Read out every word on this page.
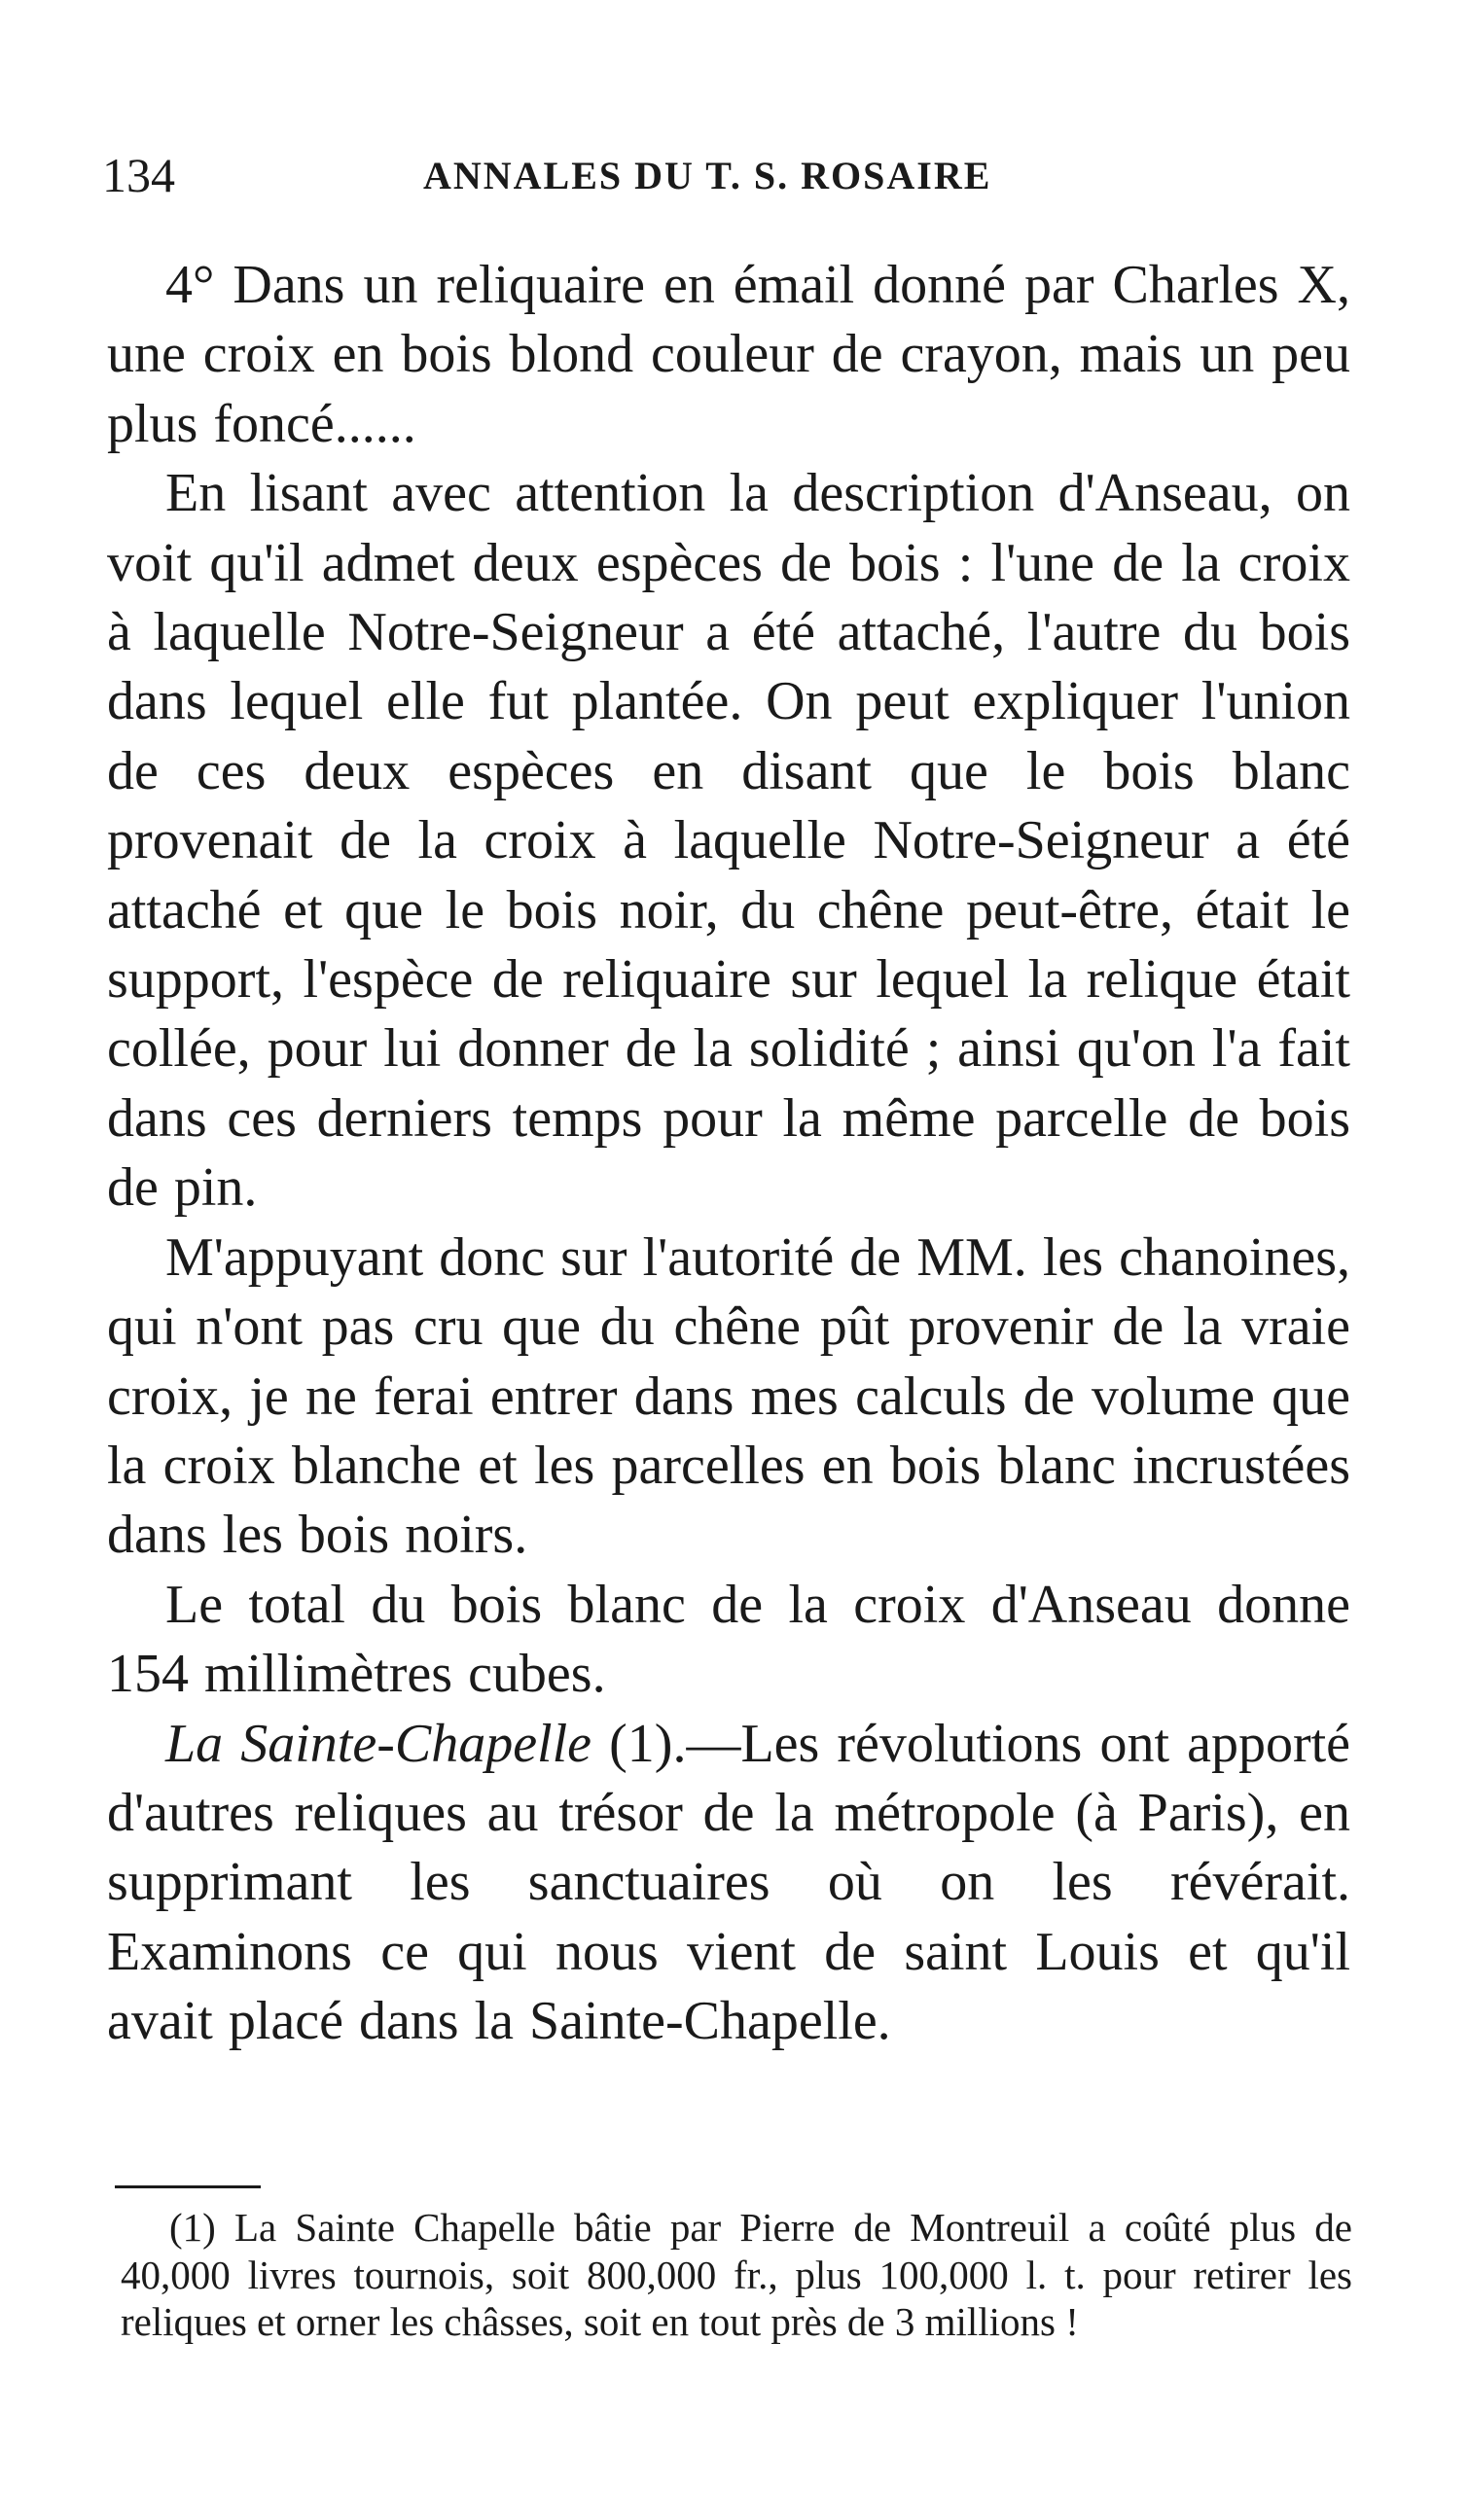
134	ANNALES DU T. S. ROSAIRE

4° Dans un reliquaire en émail donné par Charles X, une croix en bois blond couleur de crayon, mais un peu plus foncé......

En lisant avec attention la description d'Anseau, on voit qu'il admet deux espèces de bois : l'une de la croix à laquelle Notre-Seigneur a été attaché, l'autre du bois dans lequel elle fut plantée. On peut expliquer l'union de ces deux espèces en disant que le bois blanc provenait de la croix à laquelle Notre-Seigneur a été attaché et que le bois noir, du chêne peut-être, était le support, l'espèce de reliquaire sur lequel la relique était collée, pour lui donner de la solidité ; ainsi qu'on l'a fait dans ces derniers temps pour la même parcelle de bois de pin.

M'appuyant donc sur l'autorité de MM. les chanoines, qui n'ont pas cru que du chêne pût provenir de la vraie croix, je ne ferai entrer dans mes calculs de volume que la croix blanche et les parcelles en bois blanc incrustées dans les bois noirs.

Le total du bois blanc de la croix d'Anseau donne 154 millimètres cubes.

La Sainte-Chapelle (1).—Les révolutions ont apporté d'autres reliques au trésor de la métropole (à Paris), en supprimant les sanctuaires où on les révérait. Examinons ce qui nous vient de saint Louis et qu'il avait placé dans la Sainte-Chapelle.

(1) La Sainte Chapelle bâtie par Pierre de Montreuil a coûté plus de 40,000 livres tournois, soit 800,000 fr., plus 100,000 l. t. pour retirer les reliques et orner les châsses, soit en tout près de 3 millions !
